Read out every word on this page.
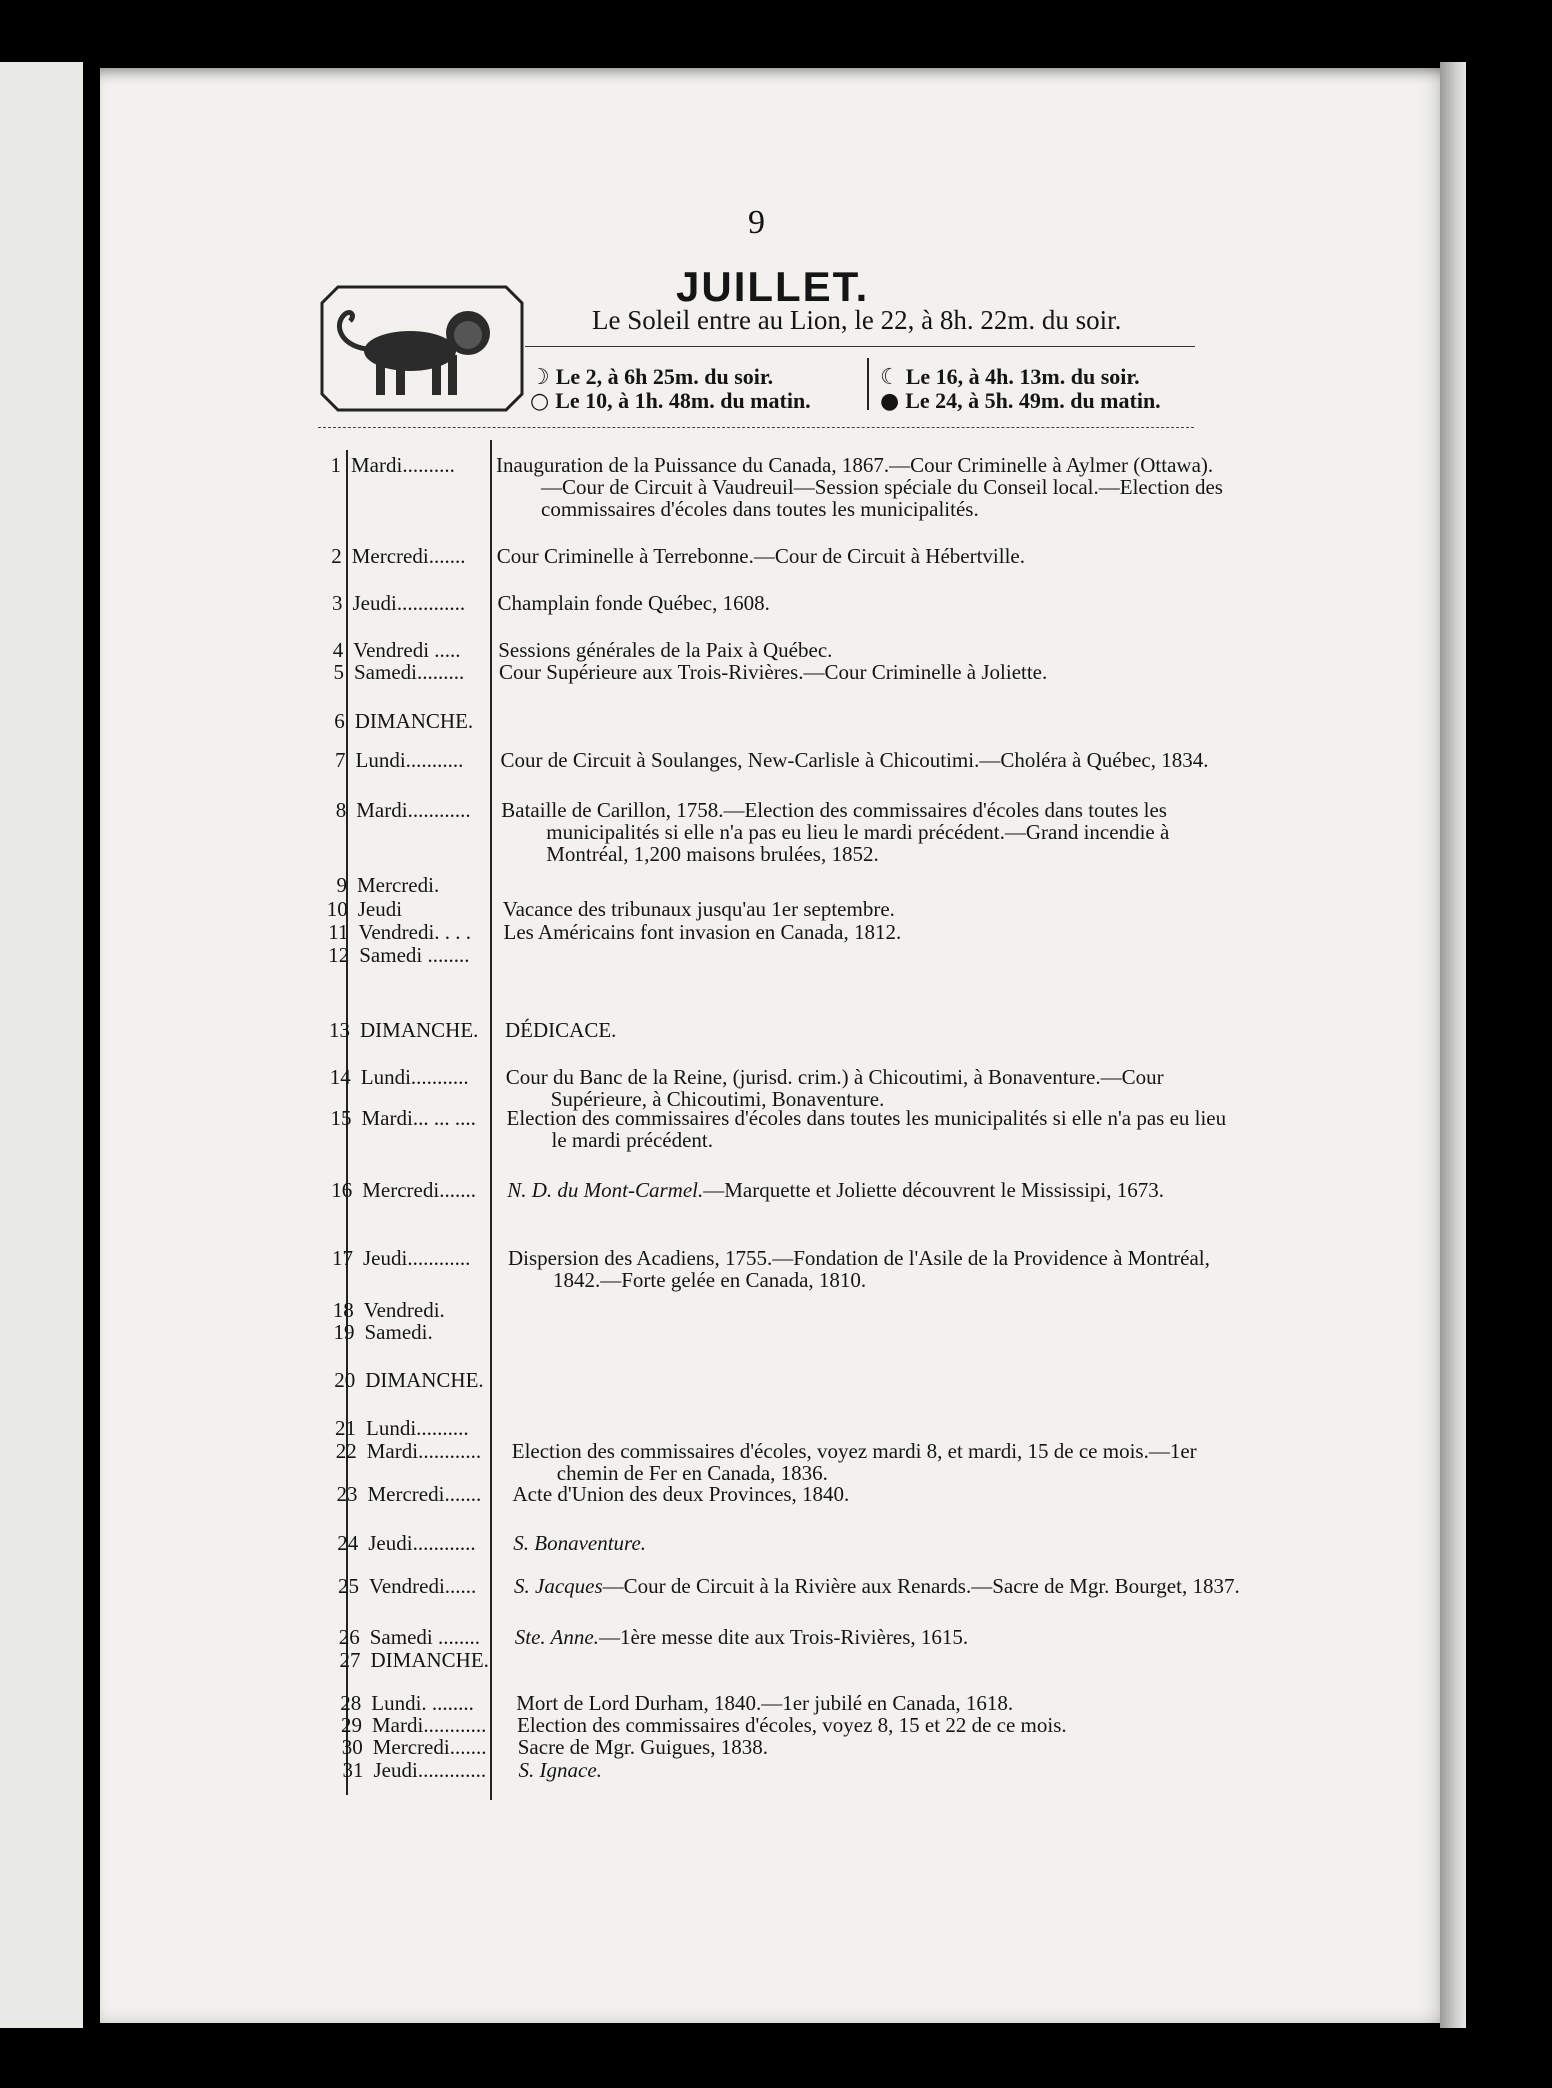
9
JUILLET.
Le Soleil entre au Lion, le 22, à 8h. 22m. du soir.
☽ Le 2, à 6h 25m. du soir.
○ Le 10, à 1h. 48m. du matin.
☾ Le 16, à 4h. 13m. du soir.
● Le 24, à 5h. 49m. du matin.
1 Mardi.......... Inauguration de la Puissance du Canada, 1867.—Cour Criminelle à Aylmer (Ottawa).—Cour de Circuit à Vaudreuil—Session spéciale du Conseil local.—Election des commissaires d'écoles dans toutes les municipalités.
2 Mercredi....... Cour Criminelle à Terrebonne.—Cour de Circuit à Hébertville.
3 Jeudi............. Champlain fonde Québec, 1608.
4 Vendredi ..... Sessions générales de la Paix à Québec.
5 Samedi......... Cour Supérieure aux Trois-Rivières.—Cour Criminelle à Joliette.
6 DIMANCHE.
7 Lundi........... Cour de Circuit à Soulanges, New-Carlisle à Chicoutimi.—Choléra à Québec, 1834.
8 Mardi............ Bataille de Carillon, 1758.—Election des commissaires d'écoles dans toutes les municipalités si elle n'a pas eu lieu le mardi précédent.—Grand incendie à Montréal, 1,200 maisons brulées, 1852.
9 Mercredi.
10 Jeudi	Vacance des tribunaux jusqu'au 1er septembre.
11 Vendredi. . . . Les Américains font invasion en Canada, 1812.
12 Samedi ........
13 DIMANCHE. DÉDICACE.
14 Lundi........... Cour du Banc de la Reine, (jurisd. crim.) à Chicoutimi, à Bonaventure.—Cour Supérieure, à Chicoutimi, Bonaventure.
15 Mardi... ... .... Election des commissaires d'écoles dans toutes les municipalités si elle n'a pas eu lieu le mardi précédent.
16 Mercredi....... N. D. du Mont-Carmel.—Marquette et Joliette découvrent le Mississipi, 1673.
17 Jeudi............ Dispersion des Acadiens, 1755.—Fondation de l'Asile de la Providence à Montréal, 1842.—Forte gelée en Canada, 1810.
18 Vendredi.
19 Samedi.
20 DIMANCHE.
21 Lundi..........
22 Mardi............ Election des commissaires d'écoles, voyez mardi 8, et mardi, 15 de ce mois.—1er chemin de Fer en Canada, 1836.
23 Mercredi....... Acte d'Union des deux Provinces, 1840.
24 Jeudi............ S. Bonaventure.
25 Vendredi...... S. Jacques—Cour de Circuit à la Rivière aux Renards.—Sacre de Mgr. Bourget, 1837.
26 Samedi ........ Ste. Anne.—1ère messe dite aux Trois-Rivières, 1615.
27 DIMANCHE.
28 Lundi. ........ Mort de Lord Durham, 1840.—1er jubilé en Canada, 1618.
29 Mardi............ Election des commissaires d'écoles, voyez 8, 15 et 22 de ce mois.
30 Mercredi....... Sacre de Mgr. Guigues, 1838.
31 Jeudi............. S. Ignace.
